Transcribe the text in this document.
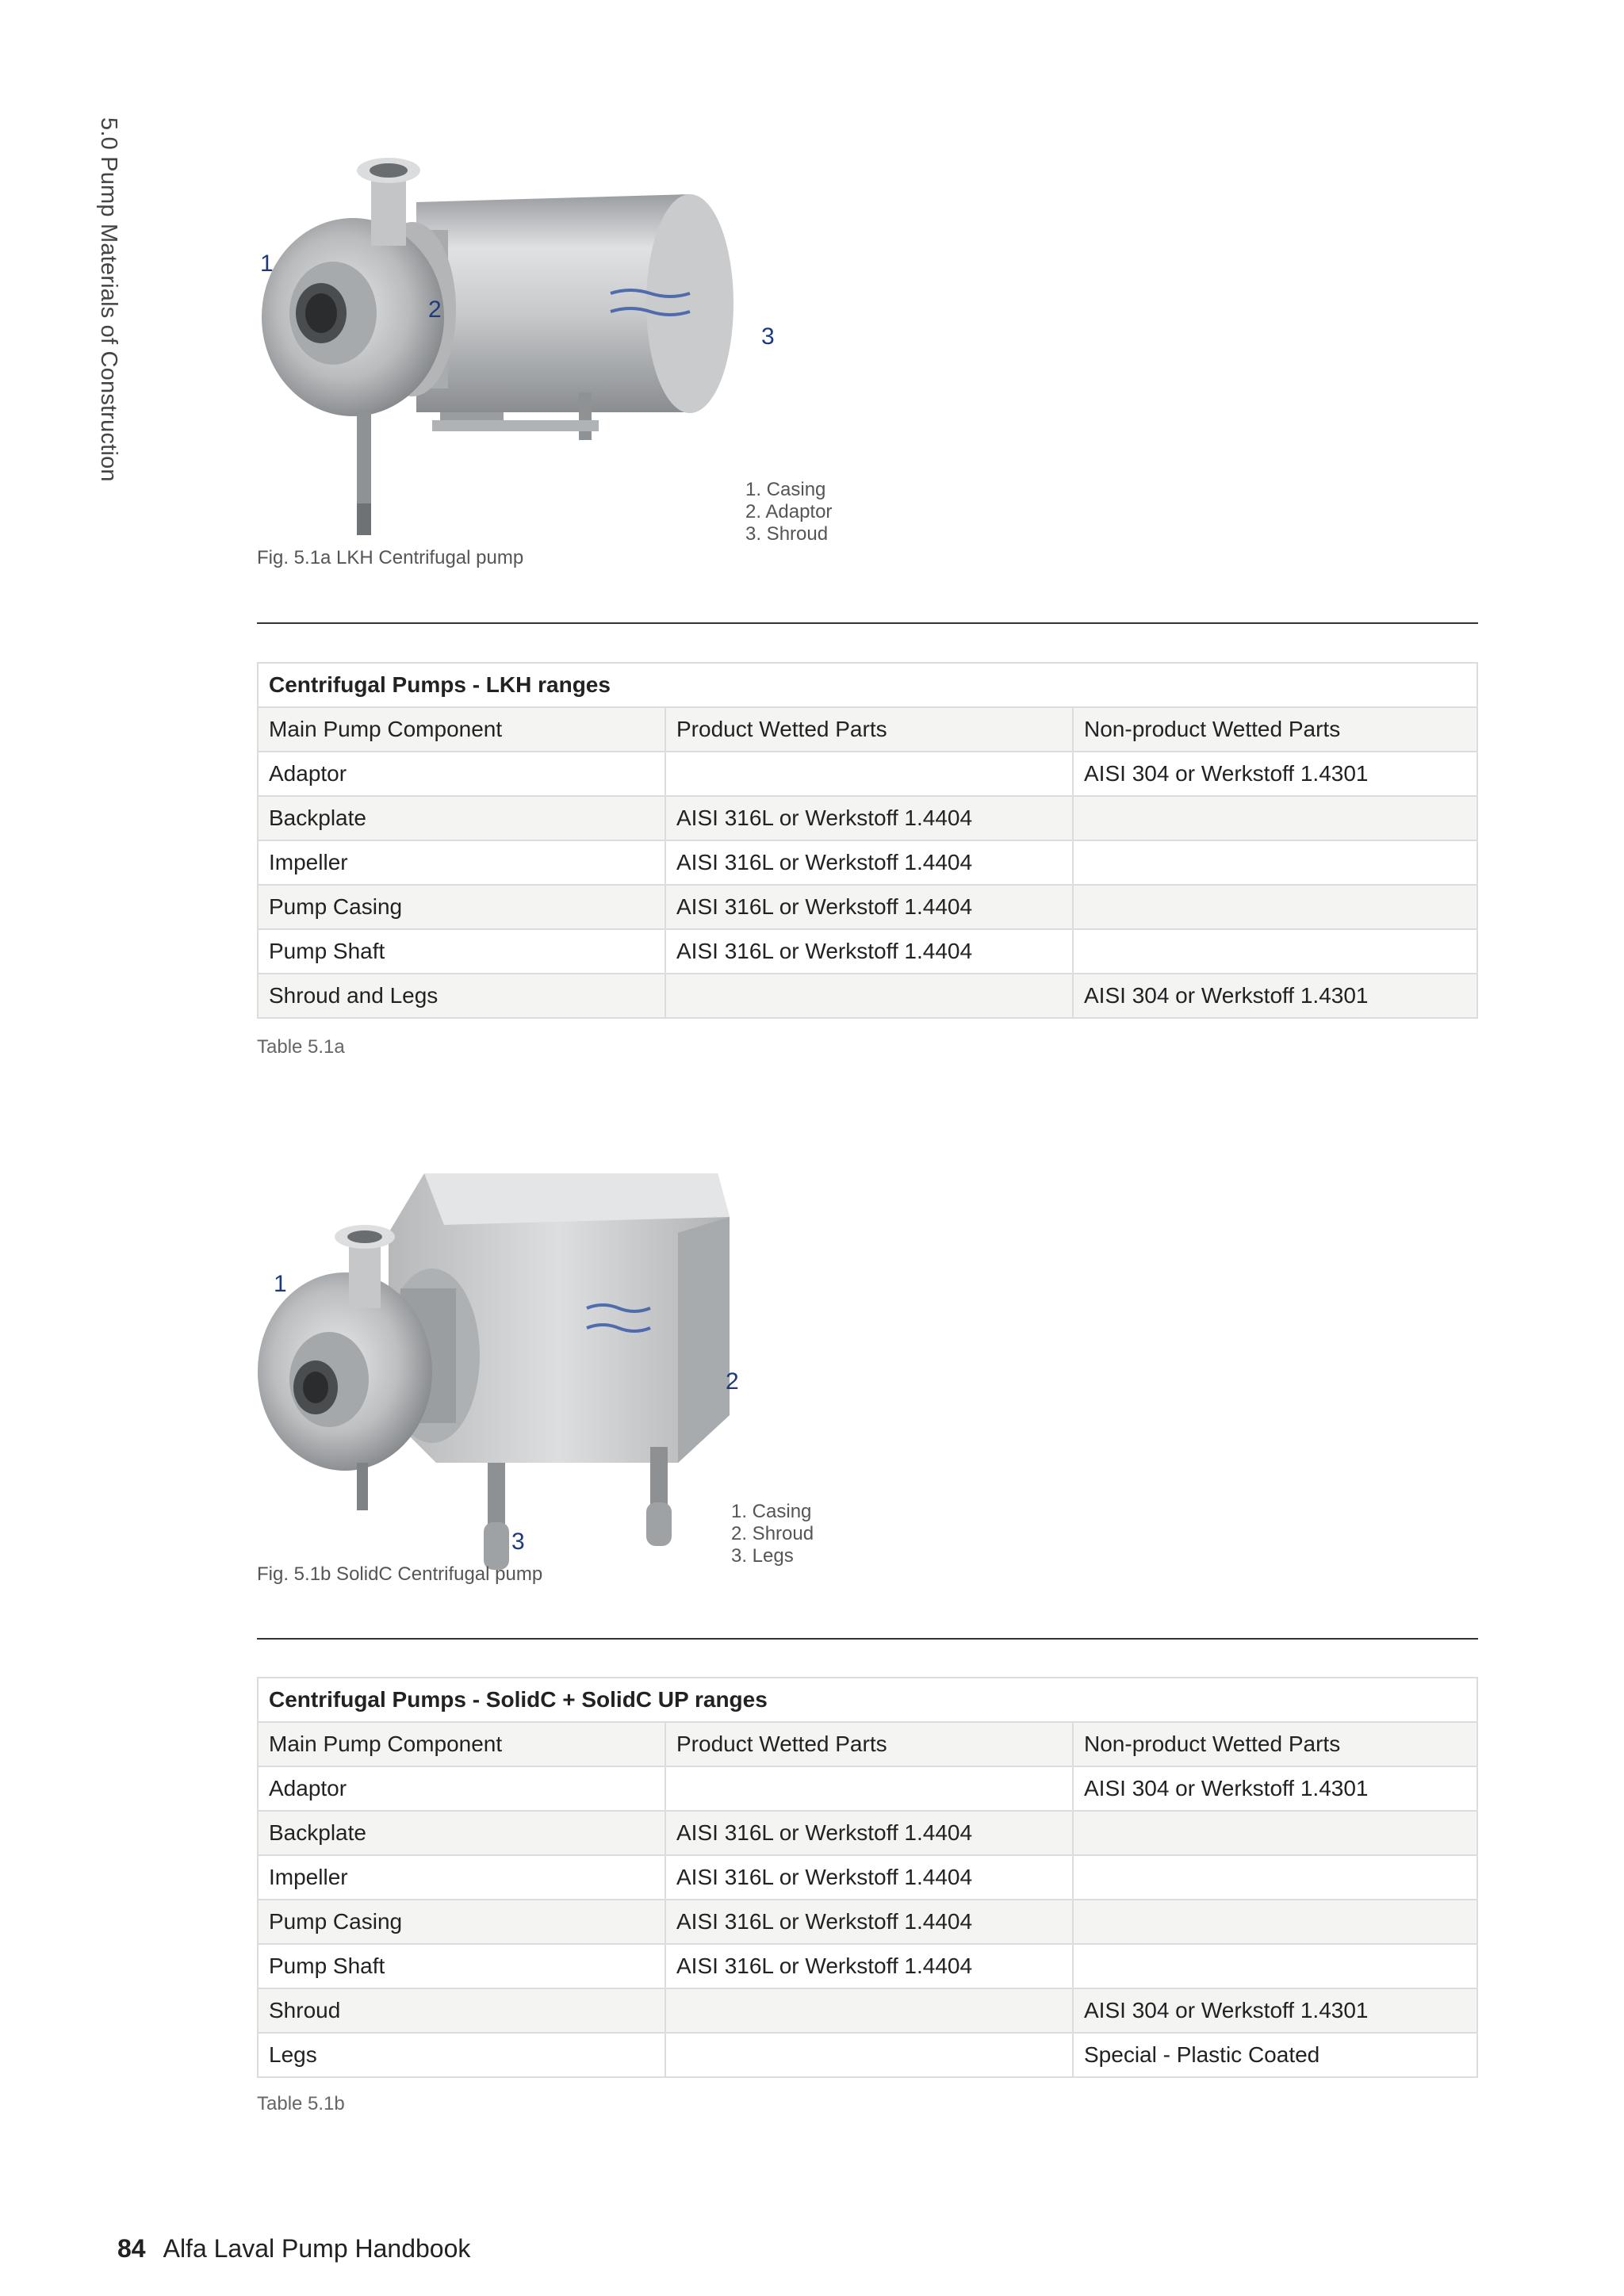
5.0 Pump Materials of Construction	1
2
3
1. Casing
2. Adaptor
3. Shroud
Fig. 5.1a LKH Centrifugal pump
Centrifugal Pumps - LKH ranges		
Main Pump Component	Product Wetted Parts	Non-product Wetted Parts
Adaptor		AISI 304 or Werkstoff 1.4301
Backplate	AISI 316L or Werkstoff 1.4404	
Impeller	AISI 316L or Werkstoff 1.4404	
Pump Casing	AISI 316L or Werkstoff 1.4404	
Pump Shaft	AISI 316L or Werkstoff 1.4404	
Shroud and Legs		AISI 304 or Werkstoff 1.4301
Table 5.1a
1
2
3
1. Casing
2. Shroud
3. Legs
Fig. 5.1b SolidC Centrifugal pump
Centrifugal Pumps - SolidC + SolidC UP ranges		
Main Pump Component	Product Wetted Parts	Non-product Wetted Parts
Adaptor		AISI 304 or Werkstoff 1.4301
Backplate	AISI 316L or Werkstoff 1.4404	
Impeller	AISI 316L or Werkstoff 1.4404	
Pump Casing	AISI 316L or Werkstoff 1.4404	
Pump Shaft	AISI 316L or Werkstoff 1.4404	
Shroud		AISI 304 or Werkstoff 1.4301
Legs		Special - Plastic Coated
Table 5.1b
84 Alfa Laval Pump Handbook
